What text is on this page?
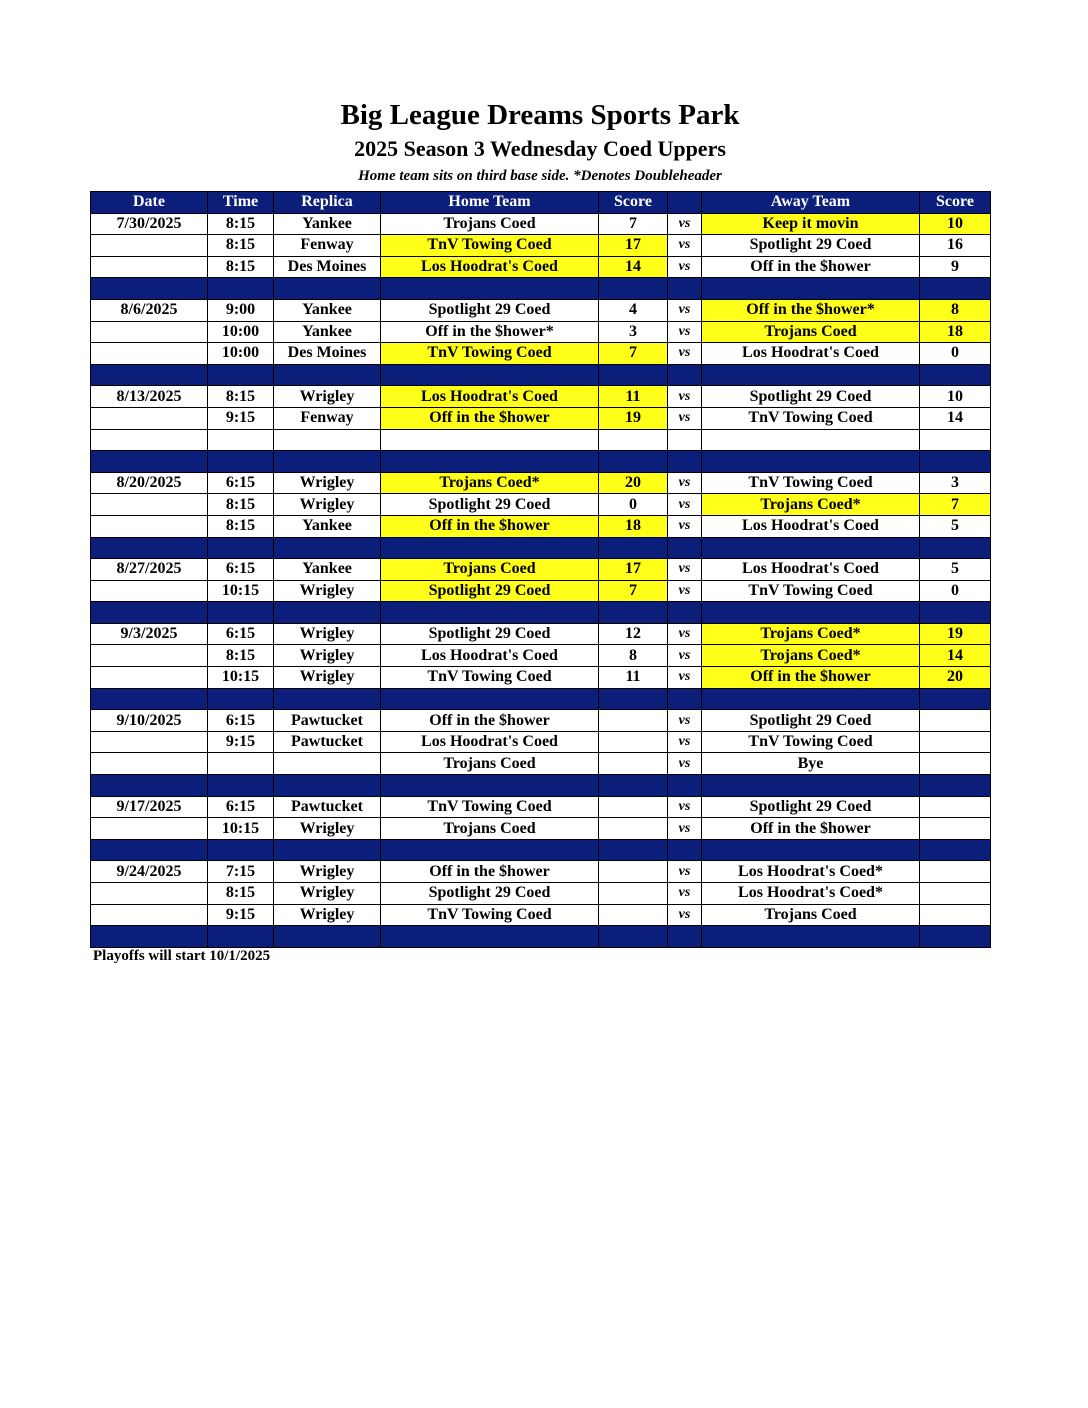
Big League Dreams Sports Park
2025 Season 3 Wednesday Coed Uppers
Home team sits on third base side. *Denotes Doubleheader
Date	Time	Replica	Home Team	Score		Away Team	Score
7/30/2025	8:15	Yankee	Trojans Coed	7	vs	Keep it movin	10
	8:15	Fenway	TnV Towing Coed	17	vs	Spotlight 29 Coed	16
	8:15	Des Moines	Los Hoodrat's Coed	14	vs	Off in the $hower	9

8/6/2025	9:00	Yankee	Spotlight 29 Coed	4	vs	Off in the $hower*	8
	10:00	Yankee	Off in the $hower*	3	vs	Trojans Coed	18
	10:00	Des Moines	TnV Towing Coed	7	vs	Los Hoodrat's Coed	0

8/13/2025	8:15	Wrigley	Los Hoodrat's Coed	11	vs	Spotlight 29 Coed	10
	9:15	Fenway	Off in the $hower	19	vs	TnV Towing Coed	14

8/20/2025	6:15	Wrigley	Trojans Coed*	20	vs	TnV Towing Coed	3
	8:15	Wrigley	Spotlight 29 Coed	0	vs	Trojans Coed*	7
	8:15	Yankee	Off in the $hower	18	vs	Los Hoodrat's Coed	5

8/27/2025	6:15	Yankee	Trojans Coed	17	vs	Los Hoodrat's Coed	5
	10:15	Wrigley	Spotlight 29 Coed	7	vs	TnV Towing Coed	0

9/3/2025	6:15	Wrigley	Spotlight 29 Coed	12	vs	Trojans Coed*	19
	8:15	Wrigley	Los Hoodrat's Coed	8	vs	Trojans Coed*	14
	10:15	Wrigley	TnV Towing Coed	11	vs	Off in the $hower	20

9/10/2025	6:15	Pawtucket	Off in the $hower		vs	Spotlight 29 Coed	
	9:15	Pawtucket	Los Hoodrat's Coed		vs	TnV Towing Coed	
			Trojans Coed		vs	Bye	

9/17/2025	6:15	Pawtucket	TnV Towing Coed		vs	Spotlight 29 Coed	
	10:15	Wrigley	Trojans Coed		vs	Off in the $hower	

9/24/2025	7:15	Wrigley	Off in the $hower		vs	Los Hoodrat's Coed*	
	8:15	Wrigley	Spotlight 29 Coed		vs	Los Hoodrat's Coed*	
	9:15	Wrigley	TnV Towing Coed		vs	Trojans Coed	

Playoffs will start 10/1/2025
